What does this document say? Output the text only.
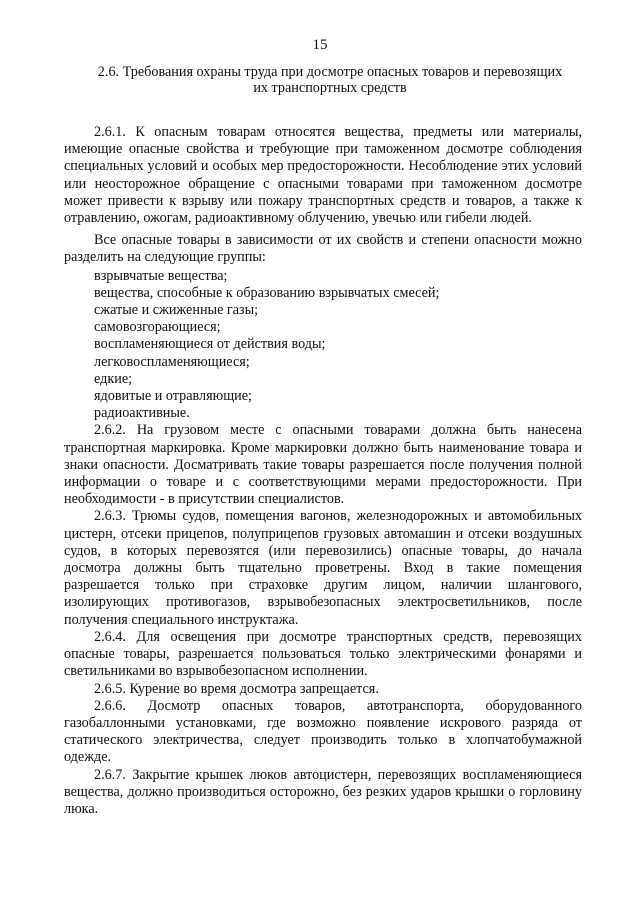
15
2.6. Требования охраны труда при досмотре опасных товаров и перевозящих
их транспортных средств

2.6.1. К опасным товарам относятся вещества, предметы или материалы, имеющие опасные свойства и требующие при таможенном досмотре соблюдения специальных условий и особых мер предосторожности. Несоблюдение этих условий или неосторожное обращение с опасными товарами при таможенном досмотре может привести к взрыву или пожару транспортных средств и товаров, а также к отравлению, ожогам, радиоактивному облучению, увечью или гибели людей.

Все опасные товары в зависимости от их свойств и степени опасности можно разделить на следующие группы:

взрывчатые вещества;
вещества, способные к образованию взрывчатых смесей;
сжатые и сжиженные газы;
самовозгорающиеся;
воспламеняющиеся от действия воды;
легковоспламеняющиеся;
едкие;
ядовитые и отравляющие;
радиоактивные.

2.6.2. На грузовом месте с опасными товарами должна быть нанесена транспортная маркировка. Кроме маркировки должно быть наименование товара и знаки опасности. Досматривать такие товары разрешается после получения полной информации о товаре и с соответствующими мерами предосторожности. При необходимости - в присутствии специалистов.

2.6.3. Трюмы судов, помещения вагонов, железнодорожных и автомобильных цистерн, отсеки прицепов, полуприцепов грузовых автомашин и отсеки воздушных судов, в которых перевозятся (или перевозились) опасные товары, до начала досмотра должны быть тщательно проветрены. Вход в такие помещения разрешается только при страховке другим лицом, наличии шлангового, изолирующих противогазов, взрывобезопасных электросветильников, после получения специального инструктажа.

2.6.4. Для освещения при досмотре транспортных средств, перевозящих опасные товары, разрешается пользоваться только электрическими фонарями и светильниками во взрывобезопасном исполнении.

2.6.5. Курение во время досмотра запрещается.

2.6.6. Досмотр опасных товаров, автотранспорта, оборудованного газобаллонными установками, где возможно появление искрового разряда от статического электричества, следует производить только в хлопчатобумажной одежде.

2.6.7. Закрытие крышек люков автоцистерн, перевозящих воспламеняющиеся вещества, должно производиться осторожно, без резких ударов крышки о горловину люка.
